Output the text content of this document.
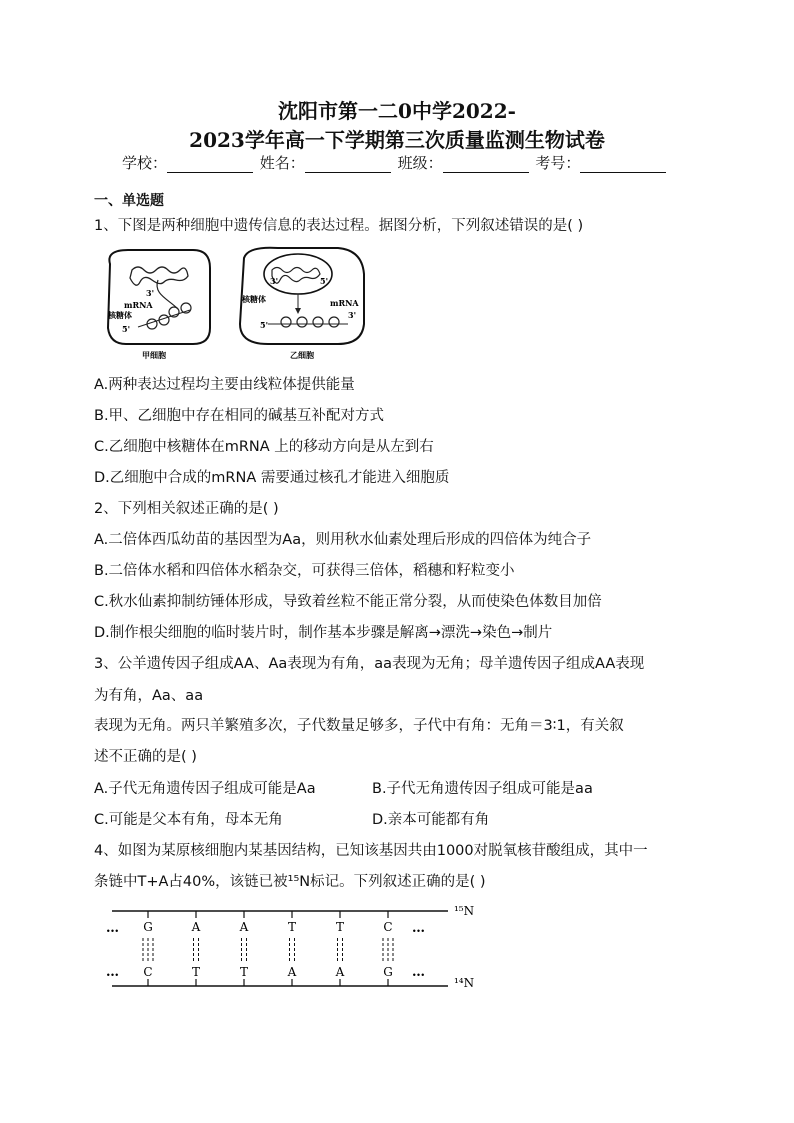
沈阳市第一二0中学2022-
2023学年高一下学期第三次质量监测生物试卷
学校：	姓名：	班级：	考号：
一、单选题
1、下图是两种细胞中遗传信息的表达过程。据图分析，下列叙述错误的是( )
3'
mRNA
核糖体
5'
甲细胞
3'	5'
核糖体	mRNA
3'
5'
乙细胞
A.两种表达过程均主要由线粒体提供能量
B.甲、乙细胞中存在相同的碱基互补配对方式
C.乙细胞中核糖体在mRNA 上的移动方向是从左到右
D.乙细胞中合成的mRNA 需要通过核孔才能进入细胞质
2、下列相关叙述正确的是( )
A.二倍体西瓜幼苗的基因型为Aa，则用秋水仙素处理后形成的四倍体为纯合子
B.二倍体水稻和四倍体水稻杂交，可获得三倍体，稻穗和籽粒变小
C.秋水仙素抑制纺锤体形成，导致着丝粒不能正常分裂，从而使染色体数目加倍
D.制作根尖细胞的临时装片时，制作基本步骤是解离→漂洗→染色→制片
3、公羊遗传因子组成AA、Aa表现为有角，aa表现为无角；母羊遗传因子组成AA表现
为有角，Aa、aa
表现为无角。两只羊繁殖多次，子代数量足够多，子代中有角：无角＝3∶1，有关叙
述不正确的是( )
A.子代无角遗传因子组成可能是Aa	B.子代无角遗传因子组成可能是aa
C.可能是父本有角，母本无角	D.亲本可能都有角
4、如图为某原核细胞内某基因结构，已知该基因共由1000对脱氧核苷酸组成，其中一
条链中T+A占40%，该链已被¹⁵N标记。下列叙述正确的是( )
¹⁵N
¹⁴N
…	…
…	…
G
C
A
T
A
T
T
A
T
A
C
G
